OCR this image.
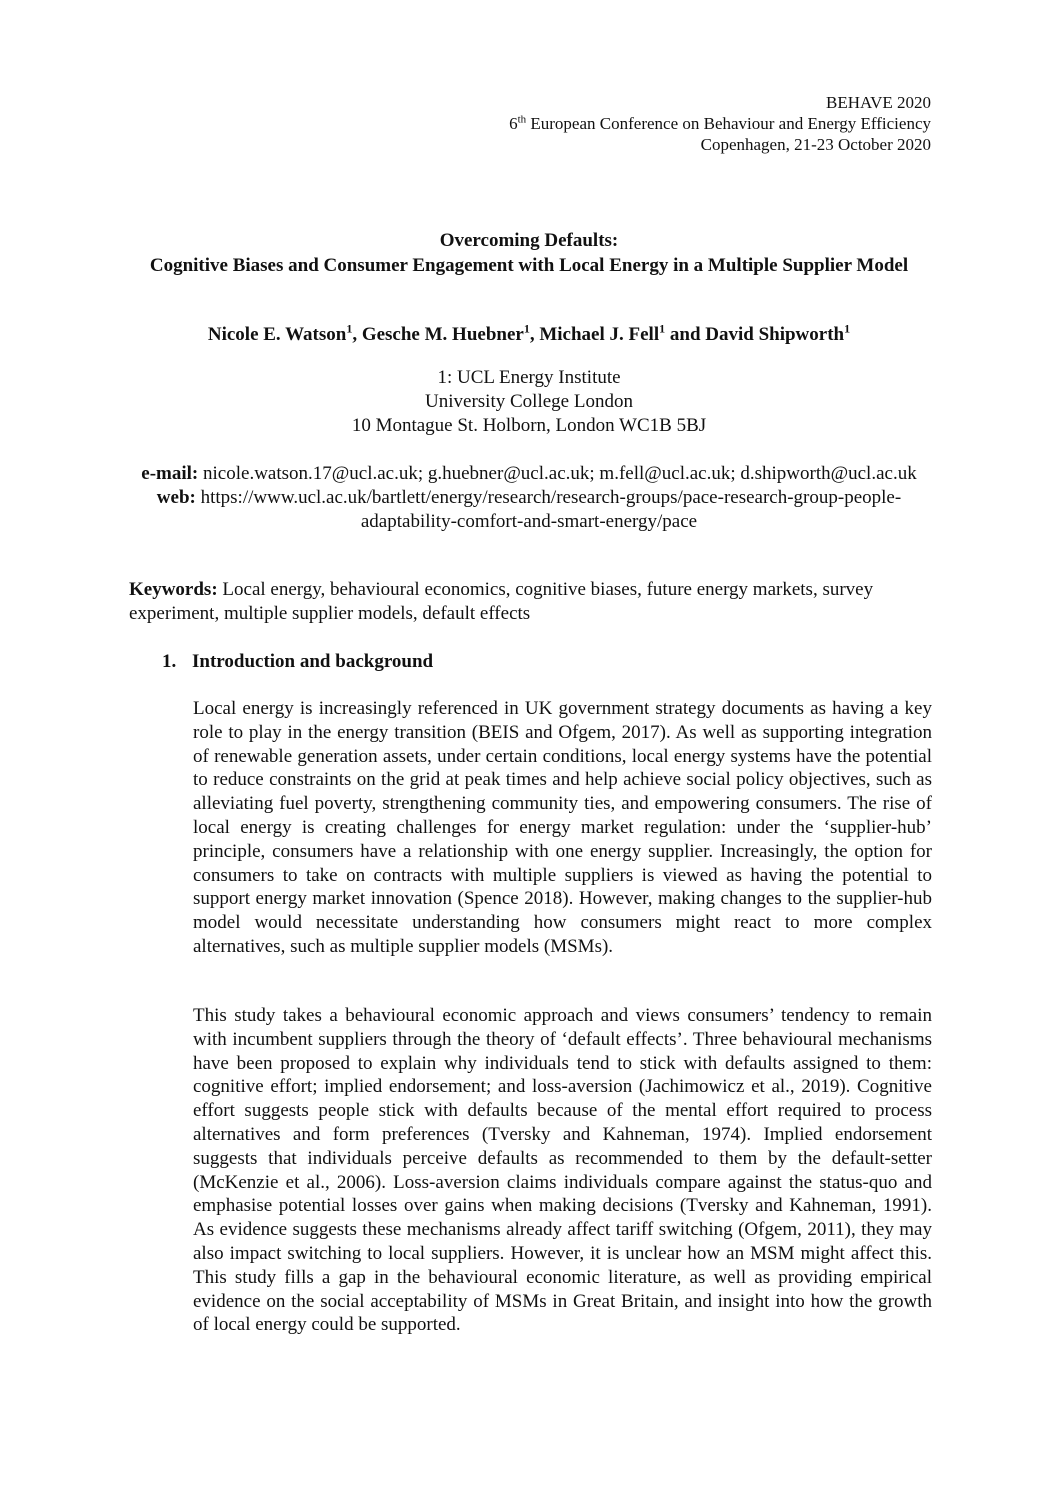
BEHAVE 2020
6th European Conference on Behaviour and Energy Efficiency
Copenhagen, 21-23 October 2020
Overcoming Defaults:
Cognitive Biases and Consumer Engagement with Local Energy in a Multiple Supplier Model
Nicole E. Watson$^1$, Gesche M. Huebner$^1$, Michael J. Fell$^1$ and David Shipworth$^1$
1: UCL Energy Institute
University College London
10 Montague St. Holborn, London WC1B 5BJ
e-mail: nicole.watson.17@ucl.ac.uk; g.huebner@ucl.ac.uk; m.fell@ucl.ac.uk; d.shipworth@ucl.ac.uk
web: https://www.ucl.ac.uk/bartlett/energy/research/research-groups/pace-research-group-people-adaptability-comfort-and-smart-energy/pace
Keywords: Local energy, behavioural economics, cognitive biases, future energy markets, survey experiment, multiple supplier models, default effects
1. Introduction and background
Local energy is increasingly referenced in UK government strategy documents as having a key role to play in the energy transition (BEIS and Ofgem, 2017). As well as supporting integration of renewable generation assets, under certain conditions, local energy systems have the potential to reduce constraints on the grid at peak times and help achieve social policy objectives, such as alleviating fuel poverty, strengthening community ties, and empowering consumers. The rise of local energy is creating challenges for energy market regulation: under the ‘supplier-hub’ principle, consumers have a relationship with one energy supplier. Increasingly, the option for consumers to take on contracts with multiple suppliers is viewed as having the potential to support energy market innovation (Spence 2018). However, making changes to the supplier-hub model would necessitate understanding how consumers might react to more complex alternatives, such as multiple supplier models (MSMs).
This study takes a behavioural economic approach and views consumers’ tendency to remain with incumbent suppliers through the theory of ‘default effects’. Three behavioural mechanisms have been proposed to explain why individuals tend to stick with defaults assigned to them: cognitive effort; implied endorsement; and loss-aversion (Jachimowicz et al., 2019). Cognitive effort suggests people stick with defaults because of the mental effort required to process alternatives and form preferences (Tversky and Kahneman, 1974). Implied endorsement suggests that individuals perceive defaults as recommended to them by the default-setter (McKenzie et al., 2006). Loss-aversion claims individuals compare against the status-quo and emphasise potential losses over gains when making decisions (Tversky and Kahneman, 1991). As evidence suggests these mechanisms already affect tariff switching (Ofgem, 2011), they may also impact switching to local suppliers. However, it is unclear how an MSM might affect this. This study fills a gap in the behavioural economic literature, as well as providing empirical evidence on the social acceptability of MSMs in Great Britain, and insight into how the growth of local energy could be supported.
